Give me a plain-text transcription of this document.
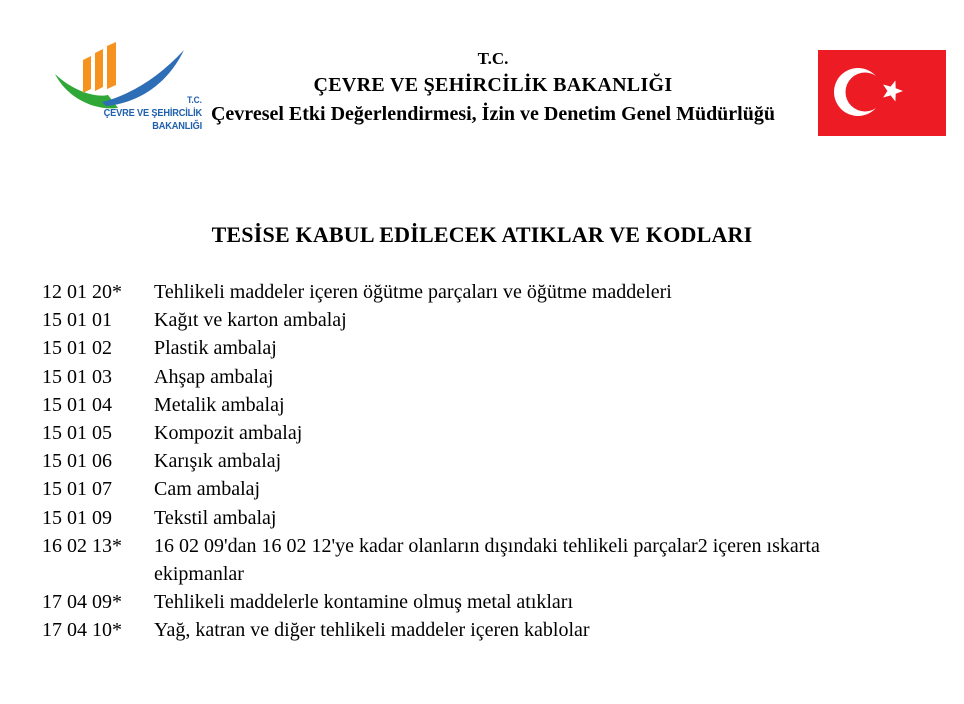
T.C.
ÇEVRE VE ŞEHİRCİLİK
BAKANLIĞI
T.C.
ÇEVRE VE ŞEHİRCİLİK BAKANLIĞI
Çevresel Etki Değerlendirmesi, İzin ve Denetim Genel Müdürlüğü
TESİSE KABUL EDİLECEK ATIKLAR VE KODLARI
12 01 20*	Tehlikeli maddeler içeren öğütme parçaları ve öğütme maddeleri
15 01 01	Kağıt ve karton ambalaj
15 01 02	Plastik ambalaj
15 01 03	Ahşap ambalaj
15 01 04	Metalik ambalaj
15 01 05	Kompozit ambalaj
15 01 06	Karışık ambalaj
15 01 07	Cam ambalaj
15 01 09	Tekstil ambalaj
16 02 13*	16 02 09'dan 16 02 12'ye kadar olanların dışındaki tehlikeli parçalar2 içeren ıskarta ekipmanlar
17 04 09*	Tehlikeli maddelerle kontamine olmuş metal atıkları
17 04 10*	Yağ, katran ve diğer tehlikeli maddeler içeren kablolar
